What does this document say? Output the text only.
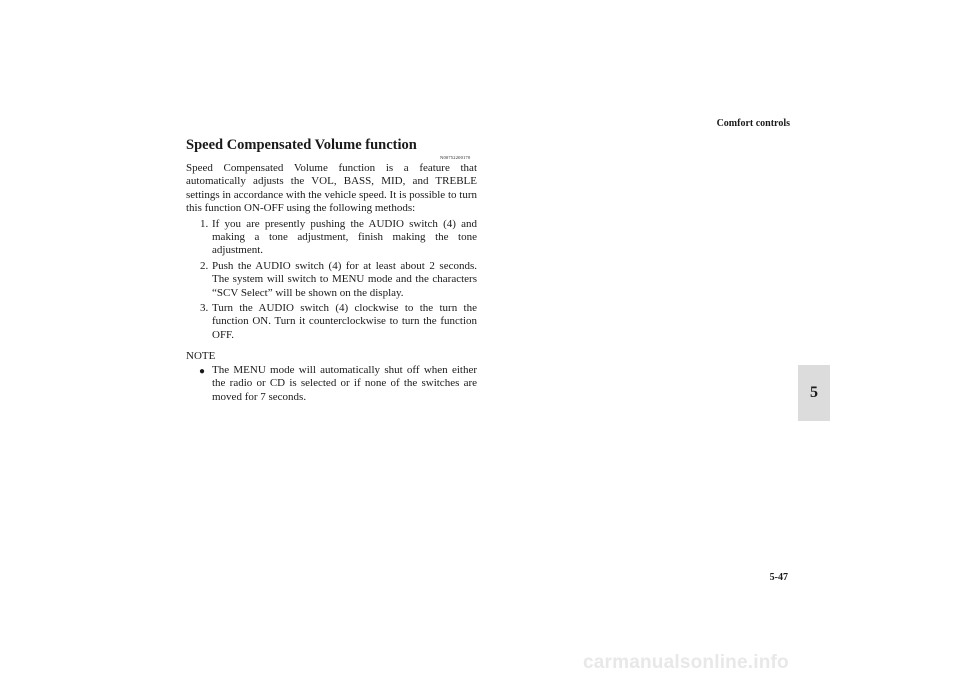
Comfort controls
Speed Compensated Volume function
N00752200170

Speed Compensated Volume function is a feature that automatically adjusts the VOL, BASS, MID, and TREBLE settings in accordance with the vehicle speed. It is possible to turn this function ON-OFF using the following methods:

1. If you are presently pushing the AUDIO switch (4) and making a tone adjustment, finish making the tone adjustment.
2. Push the AUDIO switch (4) for at least about 2 seconds. The system will switch to MENU mode and the characters “SCV Select” will be shown on the display.
3. Turn the AUDIO switch (4) clockwise to the turn the function ON. Turn it counterclockwise to turn the function OFF.
NOTE
● The MENU mode will automatically shut off when either the radio or CD is selected or if none of the switches are moved for 7 seconds.	5
5-47
carmanualsonline.info
